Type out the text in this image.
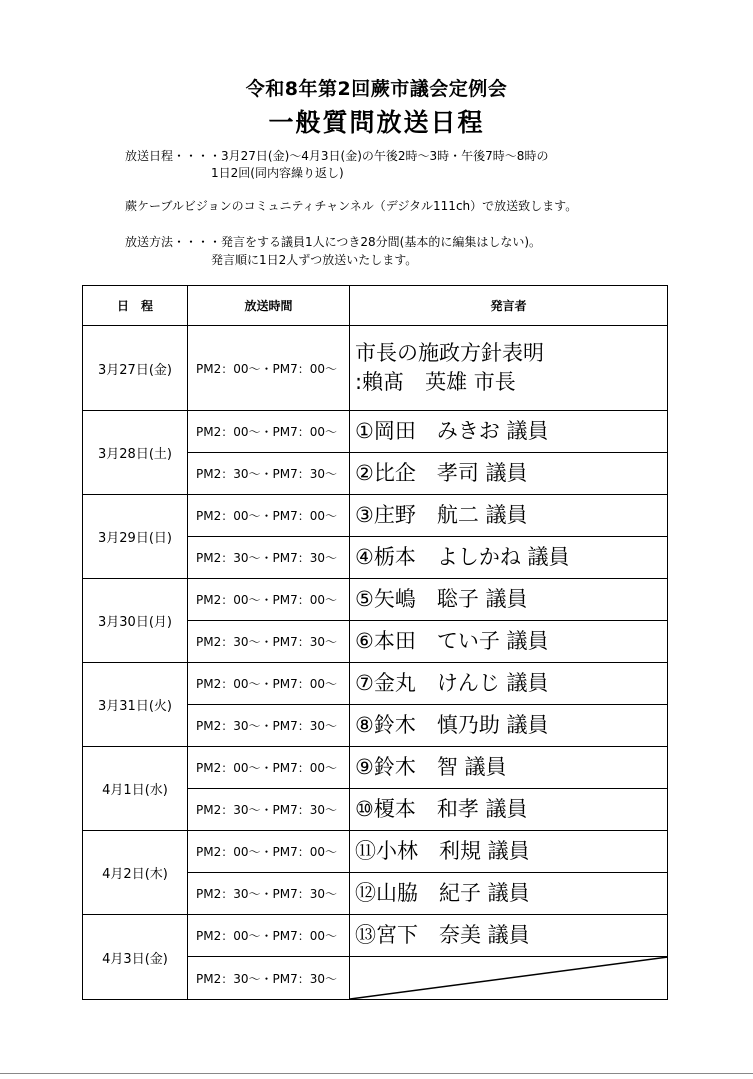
令和8年第2回蕨市議会定例会
一般質問放送日程
放送日程・・・・3月27日(金)～4月3日(金)の午後2時～3時・午後7時～8時の
1日2回(同内容繰り返し)
蕨ケーブルビジョンのコミュニティチャンネル（デジタル111ch）で放送致します。
放送方法・・・・発言をする議員1人につき28分間(基本的に編集はしない)。
発言順に1日2人ずつ放送いたします。
日　程	放送時間	発言者
3月27日(金)	PM2：00～・PM7：00～	市長の施政方針表明
:賴髙　英雄 市長

3月28日(土)	PM2：00～・PM7：00～	①岡田　みきお 議員

	PM2：30～・PM7：30～	②比企　孝司 議員

3月29日(日)	PM2：00～・PM7：00～	③庄野　航二 議員

	PM2：30～・PM7：30～	④栃本　よしかね 議員

3月30日(月)	PM2：00～・PM7：00～	⑤矢嶋　聡子 議員

	PM2：30～・PM7：30～	⑥本田　てい子 議員

3月31日(火)	PM2：00～・PM7：00～	⑦金丸　けんじ 議員

	PM2：30～・PM7：30～	⑧鈴木　慎乃助 議員

4月1日(水)	PM2：00～・PM7：00～	⑨鈴木　智 議員

	PM2：30～・PM7：30～	⑩榎本　和孝 議員

4月2日(木)	PM2：00～・PM7：00～	⑪小林　利規 議員

	PM2：30～・PM7：30～	⑫山脇　紀子 議員

4月3日(金)	PM2：00～・PM7：00～	⑬宮下　奈美 議員

	PM2：30～・PM7：30～	
